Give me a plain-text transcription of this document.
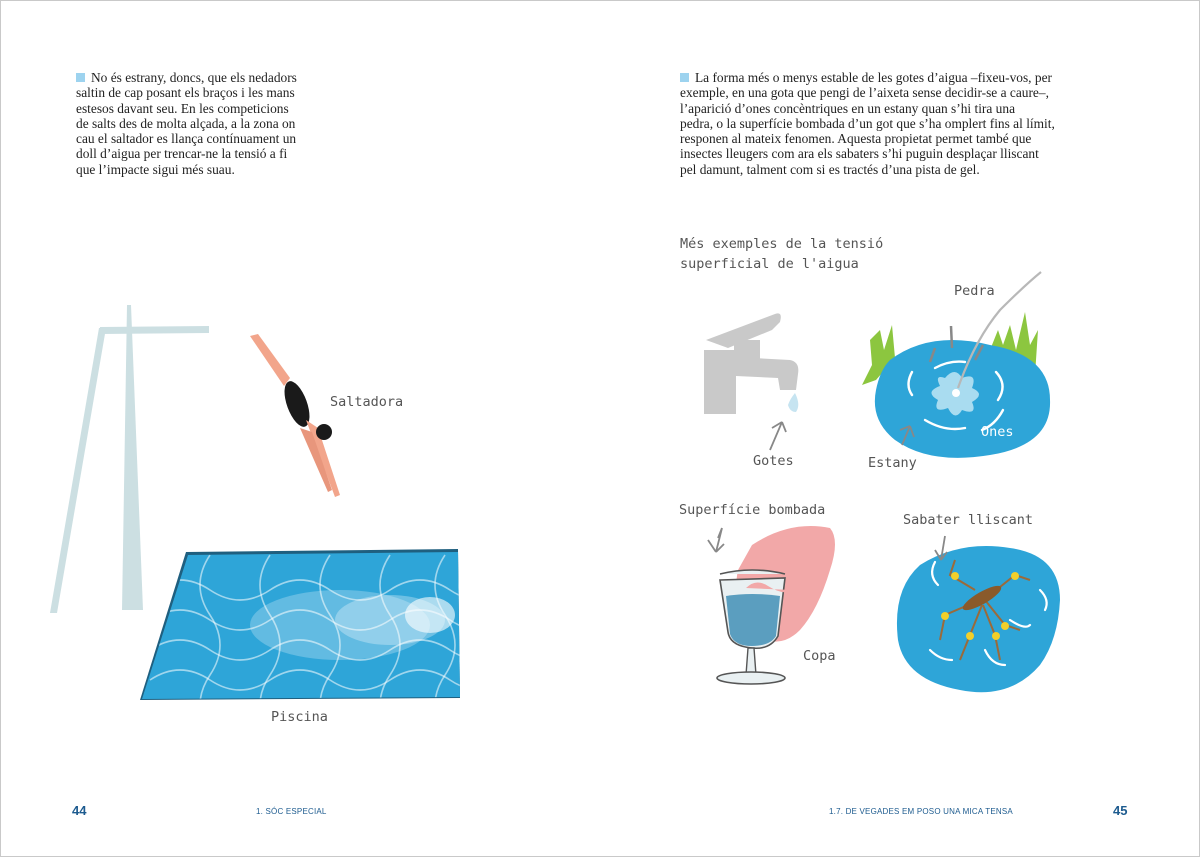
No és estrany, doncs, que els nedadors
saltin de cap posant els braços i les mans
estesos davant seu. En les competicions
de salts des de molta alçada, a la zona on
cau el saltador es llança contínuament un
doll d’aigua per trencar-ne la tensió a fi
que l’impacte sigui més suau.
La forma més o menys estable de les gotes d’aigua –fixeu-vos, per
exemple, en una gota que pengi de l’aixeta sense decidir-se a caure–,
l’aparició d’ones concèntriques en un estany quan s’hi tira una
pedra, o la superfície bombada d’un got que s’ha omplert fins al límit,
responen al mateix fenomen. Aquesta propietat permet també que
insectes lleugers com ara els sabaters s’hi puguin desplaçar lliscant
pel damunt, talment com si es tractés d’una pista de gel.
Més exemples de la tensió
superficial de l'aigua
Saltadora
Piscina
Gotes
Pedra
Estany
Ones
Superfície bombada
Copa
Sabater lliscant
44	1. SÓC ESPECIAL	1.7. DE VEGADES EM POSO UNA MICA TENSA	45
